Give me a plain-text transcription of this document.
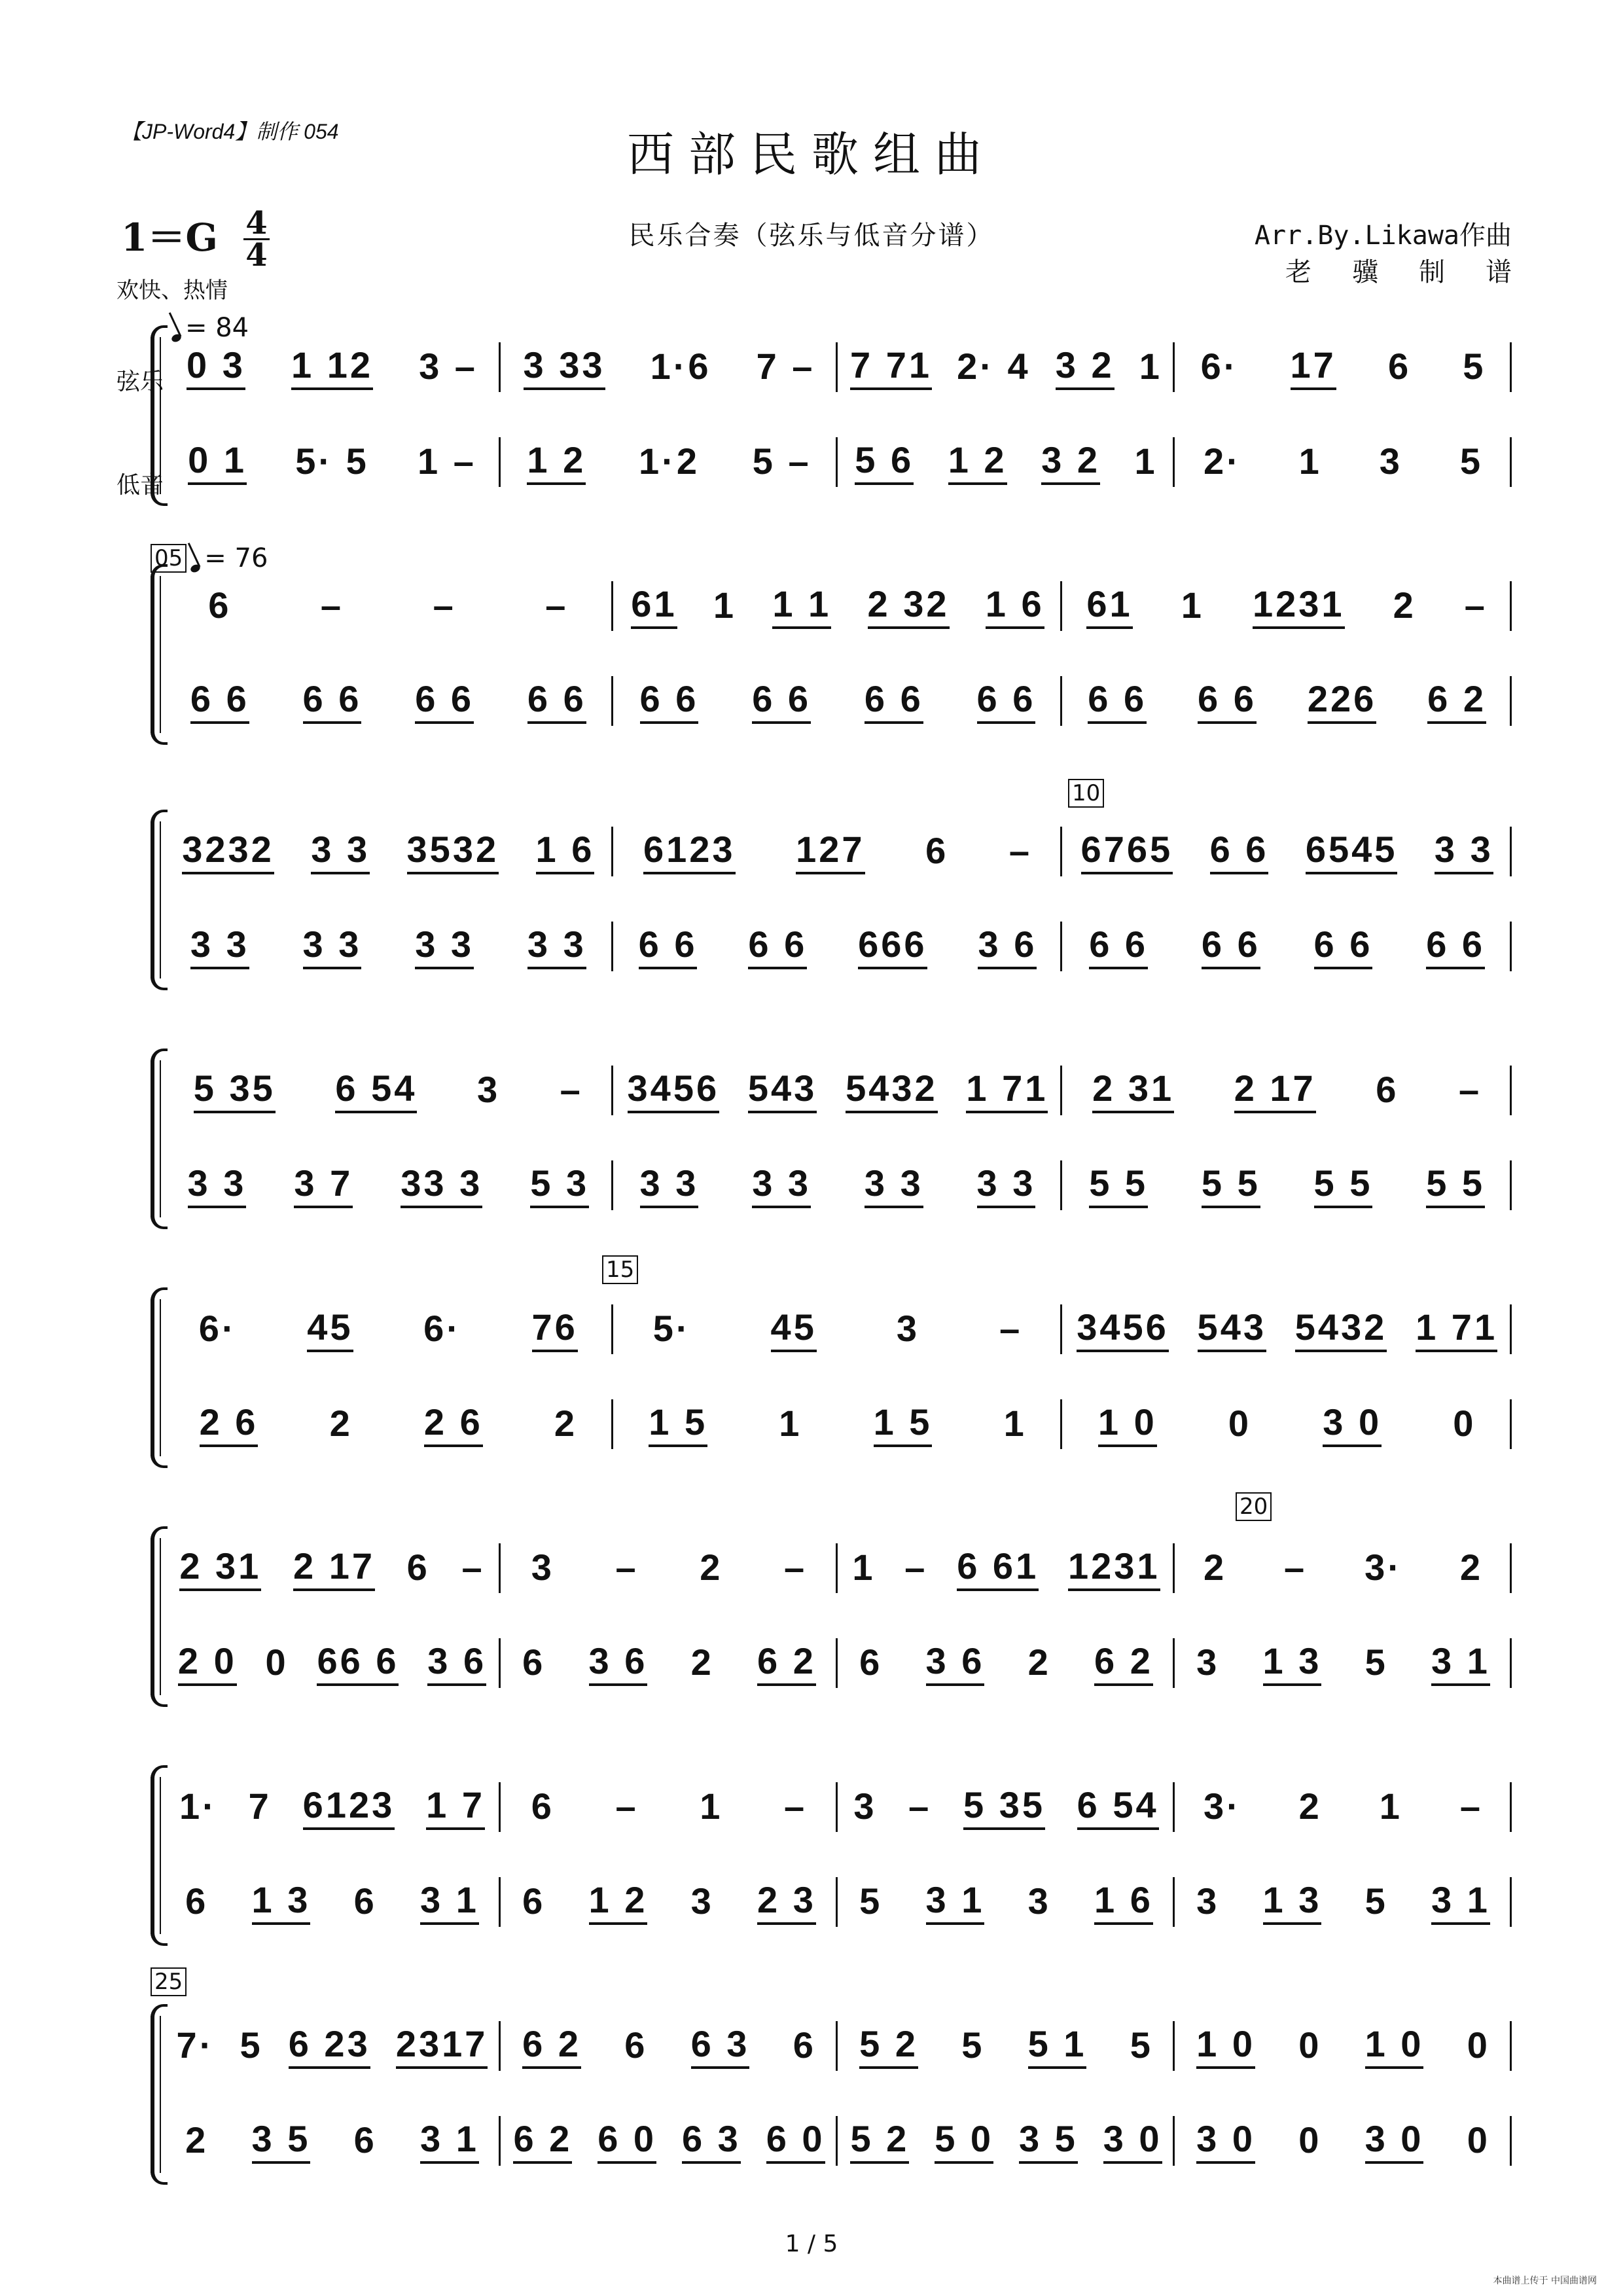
【JP-Word4】制作 054	西部民歌组曲
民乐合奏（弦乐与低音分谱）	Arr.By.Likawa作曲
老骥制谱
$1=G \frac{4}{4}$
欢快、热情
= 84
弦乐
低音
05 = 76
10
15
20
25
0 3 1 12 3 – 3 33 1·6 7 – 7 71 2· 4 3 2 1 6· 17 6 5
0 1 5· 5 1 – 1 2 1·2 5 – 5 6 1 2 3 2 1 2· 1 3 5
6 – – – 61 1 1 1 2 32 1 6 61 1 1231 2 –
6 6 6 6 6 6 6 6 6 6 6 6 6 6 6 6 6 6 6 6 226 6 2
3232 3 3 3532 1 6 6123 127 6 – 6765 6 6 6545 3 3
3 3 3 3 3 3 3 3 6 6 6 6 666 3 6 6 6 6 6 6 6 6 6
5 35 6 54 3 – 3456 543 5432 1 71 2 31 2 17 6 –
3 3 3 7 33 3 5 3 3 3 3 3 3 3 3 3 5 5 5 5 5 5 5 5
6· 45 6· 76 5· 45 3 – 3456 543 5432 1 71
2 6 2 2 6 2 1 5 1 1 5 1 1 0 0 3 0 0
2 31 2 17 6 – 3 – 2 – 1 – 6 61 1231 2 – 3· 2
2 0 0 66 6 3 6 6 3 6 2 6 2 6 3 6 2 6 2 3 1 3 5 3 1
1· 7 6123 1 7 6 – 1 – 3 – 5 35 6 54 3· 2 1 –
6 1 3 6 3 1 6 1 2 3 2 3 5 3 1 3 1 6 3 1 3 5 3 1
7· 5 6 23 2317 6 2 6 6 3 6 5 2 5 5 1 5 1 0 0 1 0 0
2 3 5 6 3 1 6 2 6 0 6 3 6 0 5 2 5 0 3 5 3 0 3 0 0 3 0 0
1 / 5
本曲谱上传于 中国曲谱网
